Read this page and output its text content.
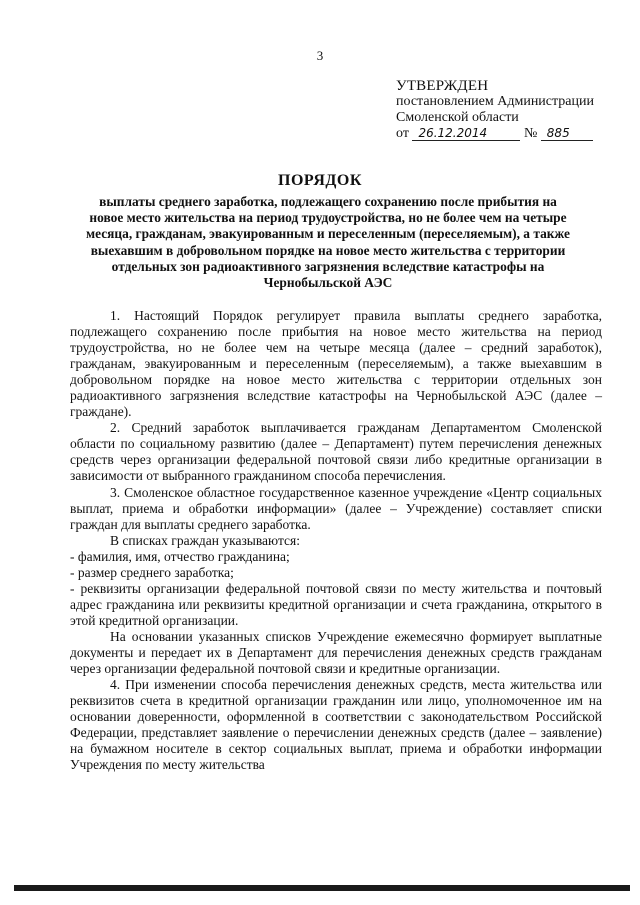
3
УТВЕРЖДЕН
постановлением Администрации
Смоленской области
от 26.12.2014	№ 885
ПОРЯДОК
выплаты среднего заработка, подлежащего сохранению после прибытия на
новое место жительства на период трудоустройства, но не более чем на четыре
месяца, гражданам, эвакуированным и переселенным (переселяемым), а также
выехавшим в добровольном порядке на новое место жительства с территории
отдельных зон радиоактивного загрязнения вследствие катастрофы на
Чернобыльской АЭС

1. Настоящий Порядок регулирует правила выплаты среднего заработка, подлежащего сохранению после прибытия на новое место жительства на период трудоустройства, но не более чем на четыре месяца (далее – средний заработок), гражданам, эвакуированным и переселенным (переселяемым), а также выехавшим в добровольном порядке на новое место жительства с территории отдельных зон радиоактивного загрязнения вследствие катастрофы на Чернобыльской АЭС (далее – граждане).

2. Средний заработок выплачивается гражданам Департаментом Смоленской области по социальному развитию (далее – Департамент) путем перечисления денежных средств через организации федеральной почтовой связи либо кредитные организации в зависимости от выбранного гражданином способа перечисления.

3. Смоленское областное государственное казенное учреждение «Центр социальных выплат, приема и обработки информации» (далее – Учреждение) составляет списки граждан для выплаты среднего заработка.

В списках граждан указываются:

- фамилия, имя, отчество гражданина;

- размер среднего заработка;

- реквизиты организации федеральной почтовой связи по месту жительства и почтовый адрес гражданина или реквизиты кредитной организации и счета гражданина, открытого в этой кредитной организации.

На основании указанных списков Учреждение ежемесячно формирует выплатные документы и передает их в Департамент для перечисления денежных средств гражданам через организации федеральной почтовой связи и кредитные организации.

4. При изменении способа перечисления денежных средств, места жительства или реквизитов счета в кредитной организации гражданин или лицо, уполномоченное им на основании доверенности, оформленной в соответствии с законодательством Российской Федерации, представляет заявление о перечислении денежных средств (далее – заявление) на бумажном носителе в сектор социальных выплат, приема и обработки информации Учреждения по месту жительства
